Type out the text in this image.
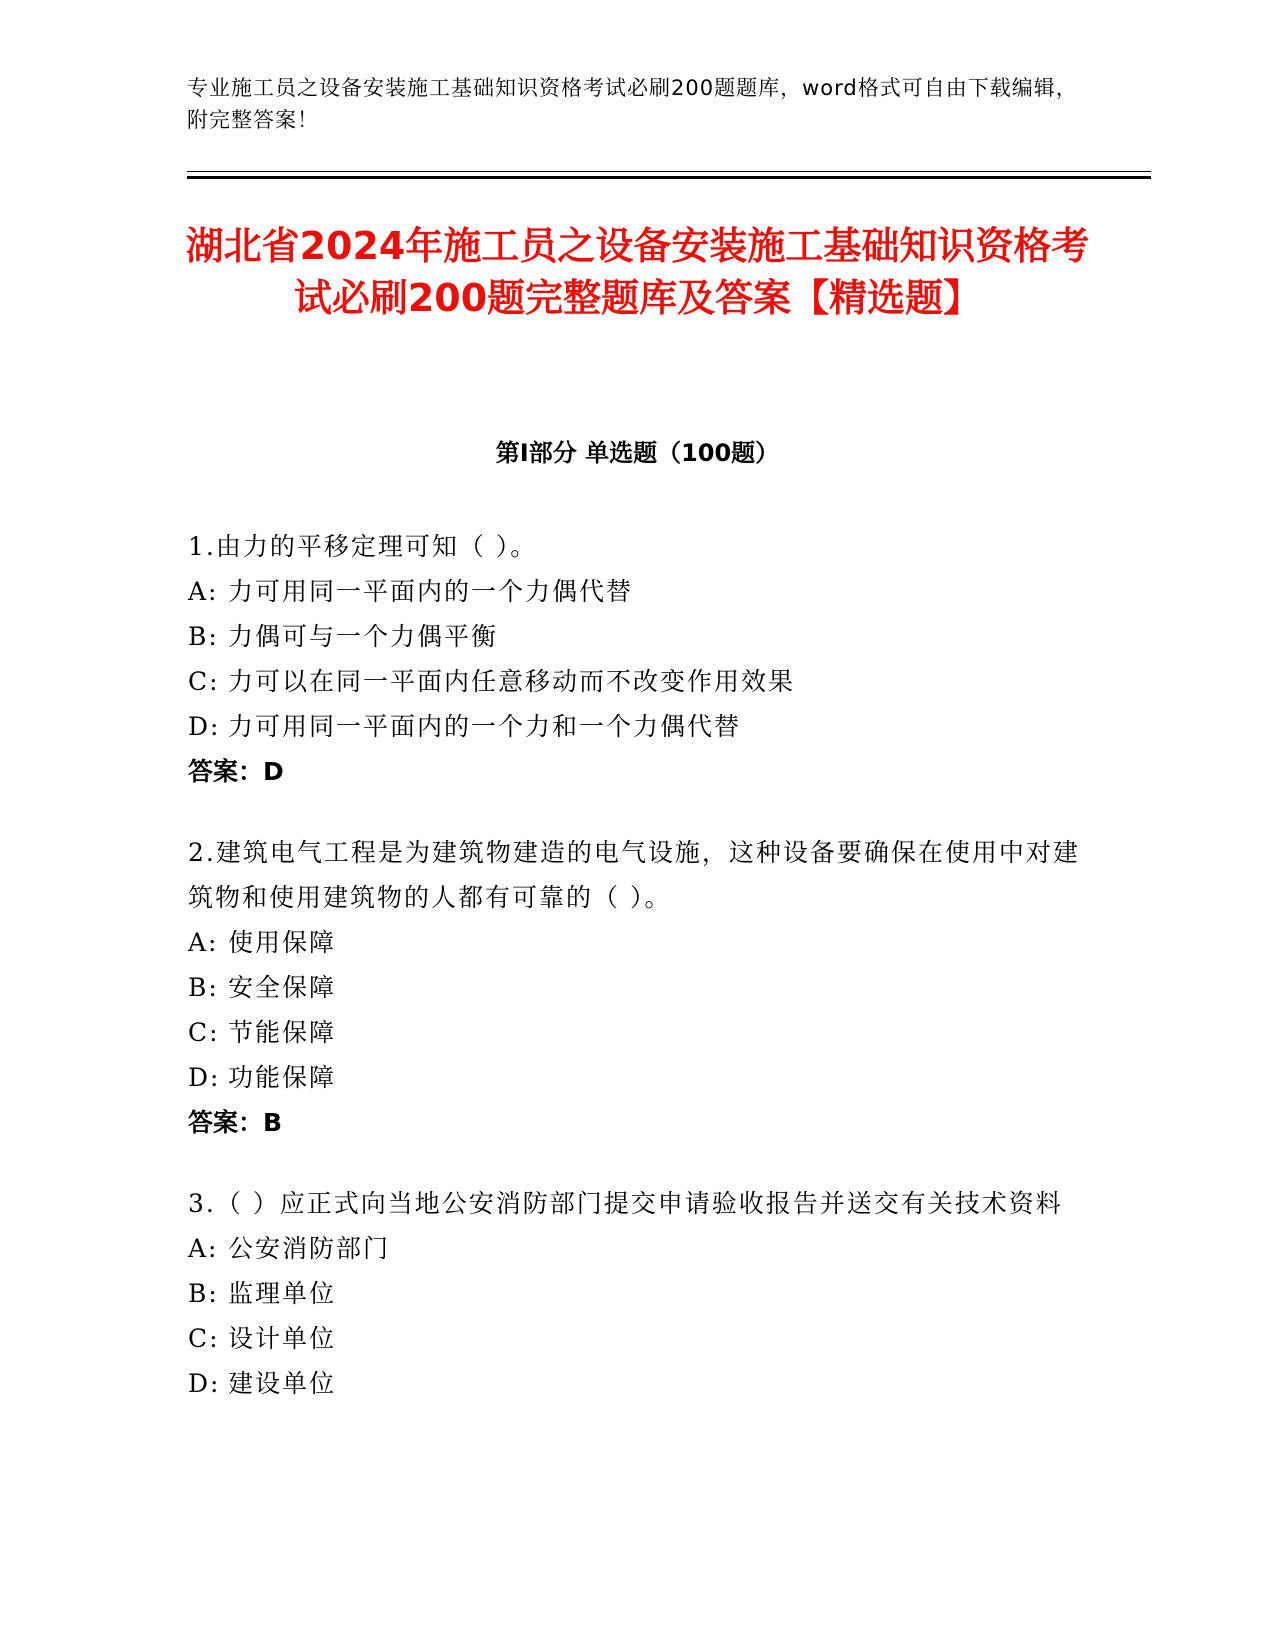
专业施工员之设备安装施工基础知识资格考试必刷200题题库，word格式可自由下载编辑，附完整答案！
湖北省2024年施工员之设备安装施工基础知识资格考试必刷200题完整题库及答案【精选题】
第I部分 单选题（100题）

1.由力的平移定理可知（ ）。

A: 力可用同一平面内的一个力偶代替

B: 力偶可与一个力偶平衡

C: 力可以在同一平面内任意移动而不改变作用效果

D: 力可用同一平面内的一个力和一个力偶代替

答案：D

2.建筑电气工程是为建筑物建造的电气设施，这种设备要确保在使用中对建筑物和使用建筑物的人都有可靠的（ ）。

A: 使用保障

B: 安全保障

C: 节能保障

D: 功能保障

答案：B

3.（ ）应正式向当地公安消防部门提交申请验收报告并送交有关技术资料

A: 公安消防部门

B: 监理单位

C: 设计单位

D: 建设单位
